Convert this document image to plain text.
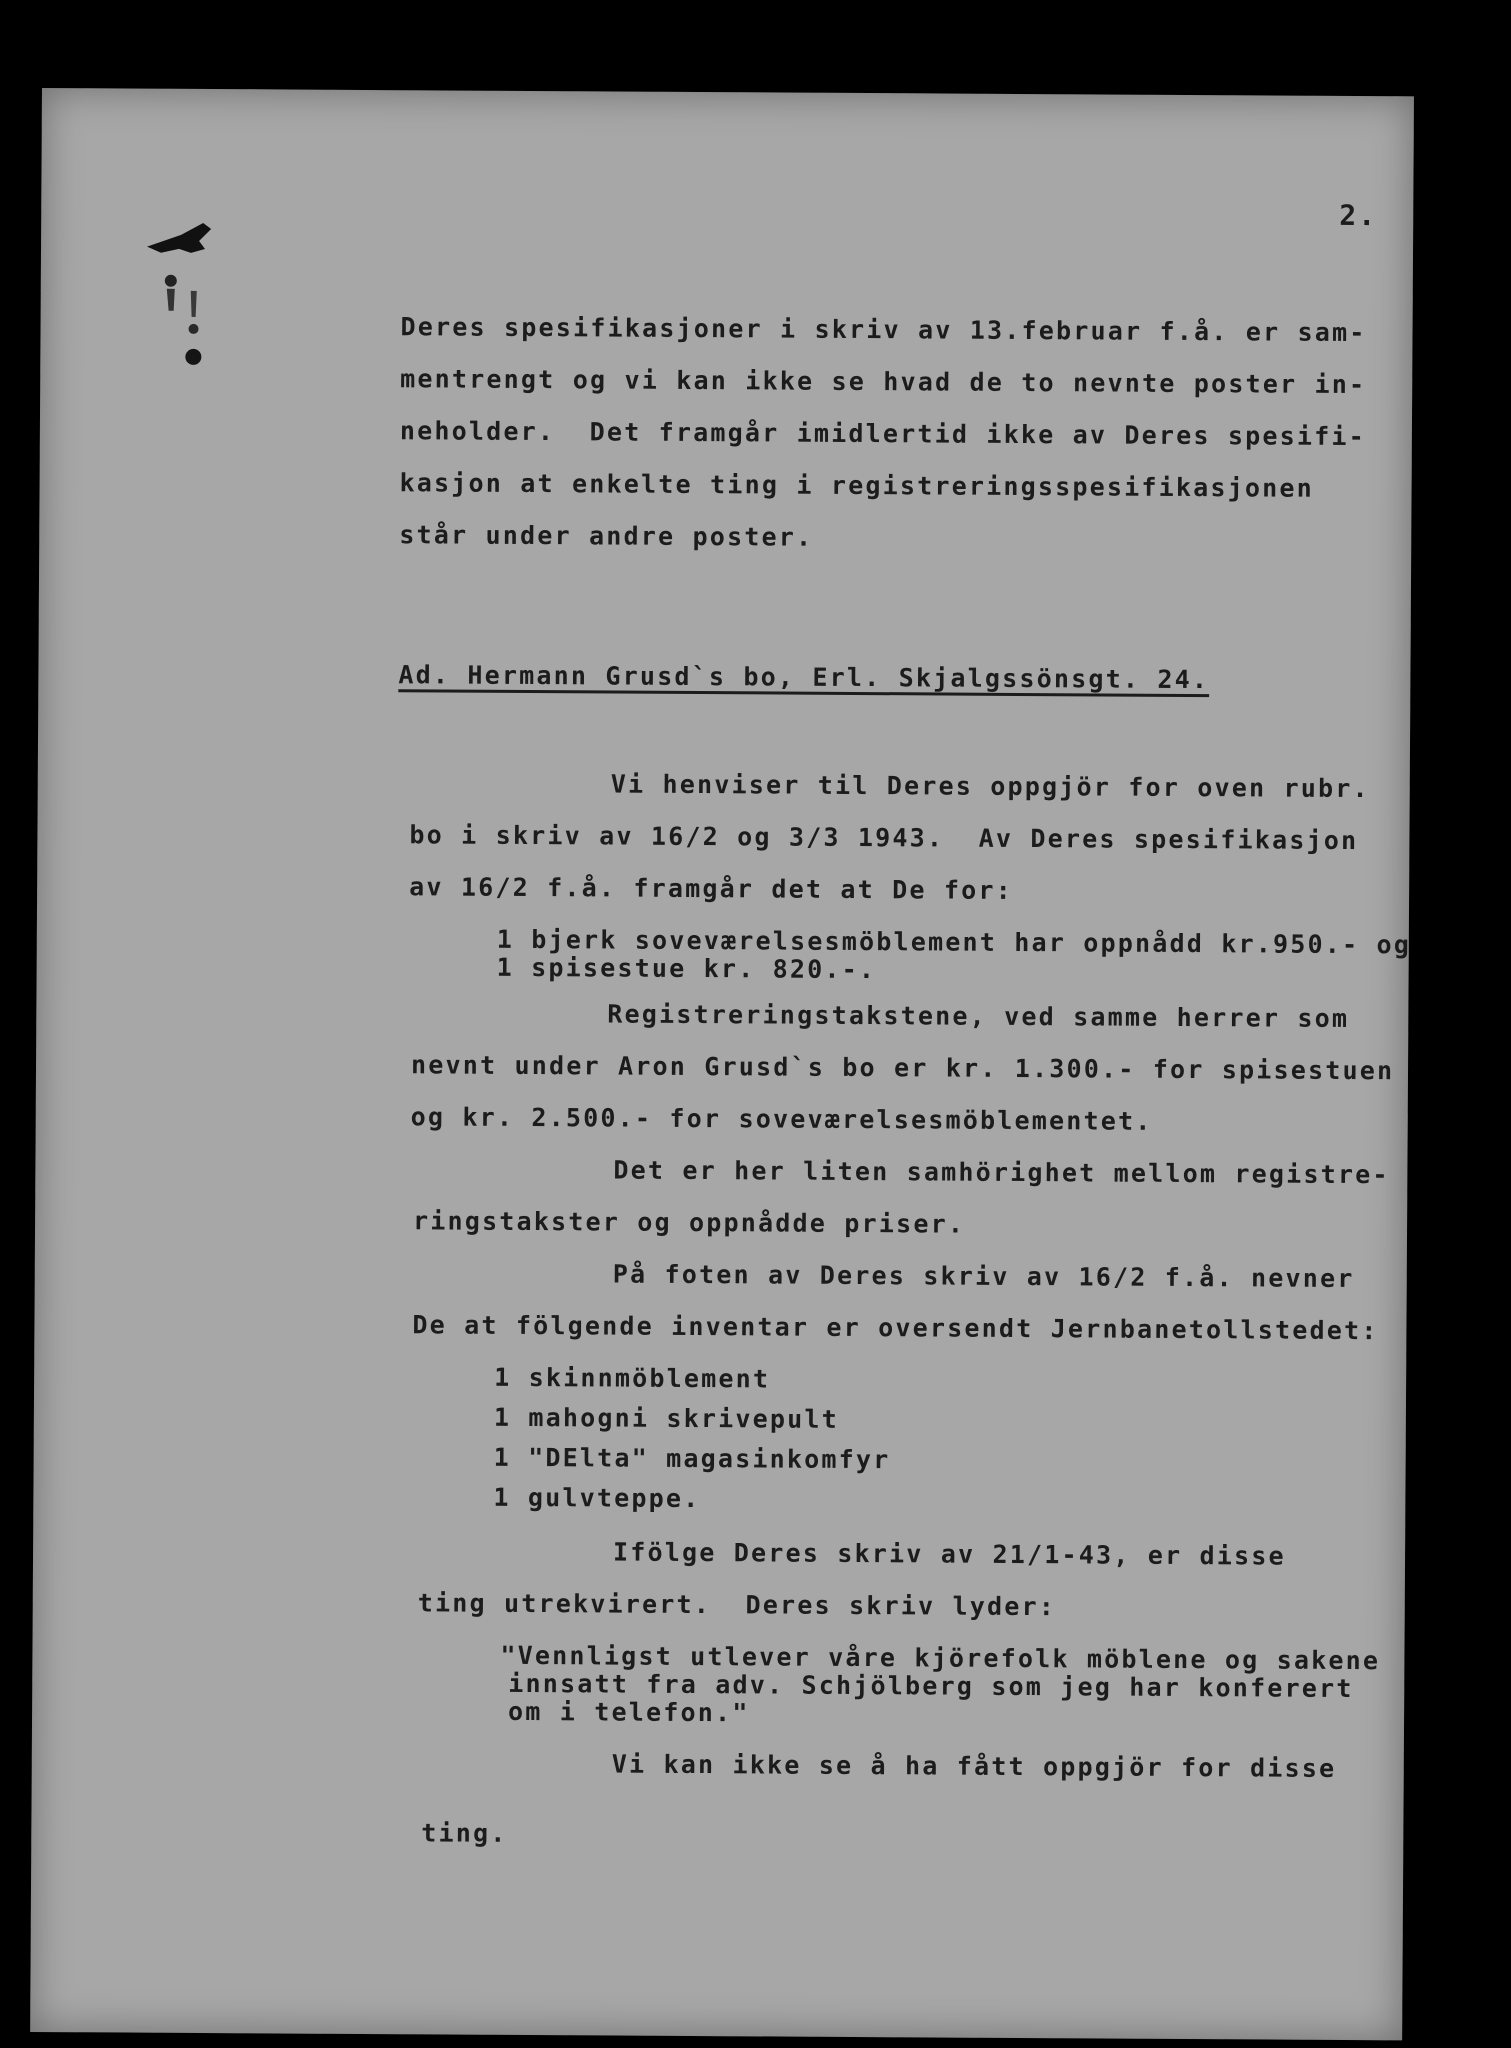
2.
Deres spesifikasjoner i skriv av 13.februar f.å. er sam-
mentrengt og vi kan ikke se hvad de to nevnte poster in-
neholder.  Det framgår imidlertid ikke av Deres spesifi-
kasjon at enkelte ting i registreringsspesifikasjonen
står under andre poster.
Ad. Hermann Grusd`s bo, Erl. Skjalgssönsgt. 24.
Vi henviser til Deres oppgjör for oven rubr.
bo i skriv av 16/2 og 3/3 1943.  Av Deres spesifikasjon
av 16/2 f.å. framgår det at De for:
1 bjerk soveværelsesmöblement har oppnådd kr.950.- og
1 spisestue kr. 820.-.
Registreringstakstene, ved samme herrer som
nevnt under Aron Grusd`s bo er kr. 1.300.- for spisestuen
og kr. 2.500.- for soveværelsesmöblementet.
Det er her liten samhörighet mellom registre-
ringstakster og oppnådde priser.
På foten av Deres skriv av 16/2 f.å. nevner
De at fölgende inventar er oversendt Jernbanetollstedet:
1 skinnmöblement
1 mahogni skrivepult
1 "DElta" magasinkomfyr
1 gulvteppe.
Ifölge Deres skriv av 21/1-43, er disse
ting utrekvirert.  Deres skriv lyder:
"Vennligst utlever våre kjörefolk möblene og sakene
innsatt fra adv. Schjölberg som jeg har konferert
om i telefon."
Vi kan ikke se å ha fått oppgjör for disse
ting.
